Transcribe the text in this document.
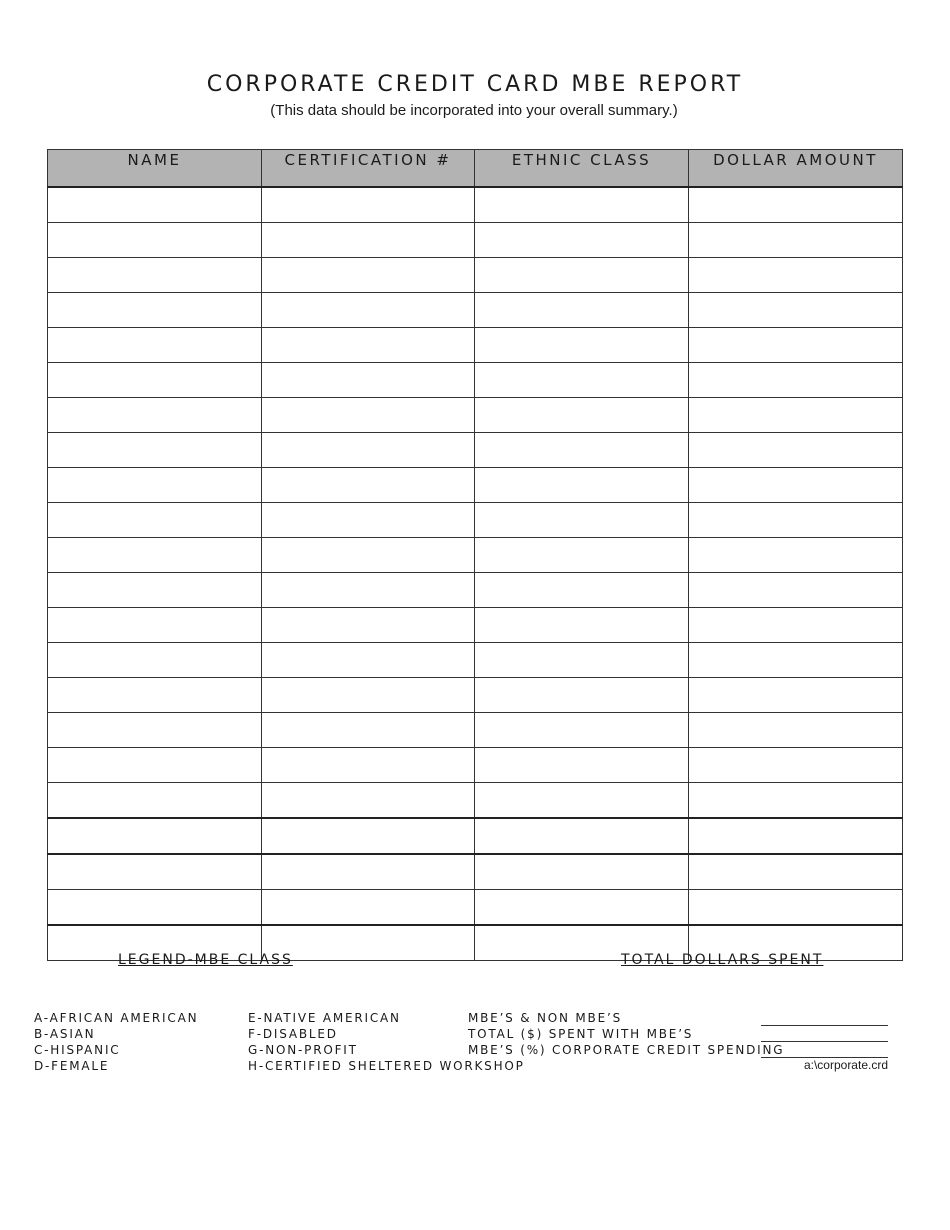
CORPORATE CREDIT CARD MBE REPORT
(This data should be incorporated into your overall summary.)
NAME	CERTIFICATION #	ETHNIC CLASS	DOLLAR AMOUNT

LEGEND-MBE CLASS	TOTAL DOLLARS SPENT
A-AFRICAN AMERICAN
B-ASIAN
C-HISPANIC
D-FEMALE
E-NATIVE AMERICAN
F-DISABLED
G-NON-PROFIT
H-CERTIFIED SHELTERED WORKSHOP
MBE’S & NON MBE’S
TOTAL ($) SPENT WITH MBE’S
MBE’S (%) CORPORATE CREDIT SPENDING
a:\corporate.crd
